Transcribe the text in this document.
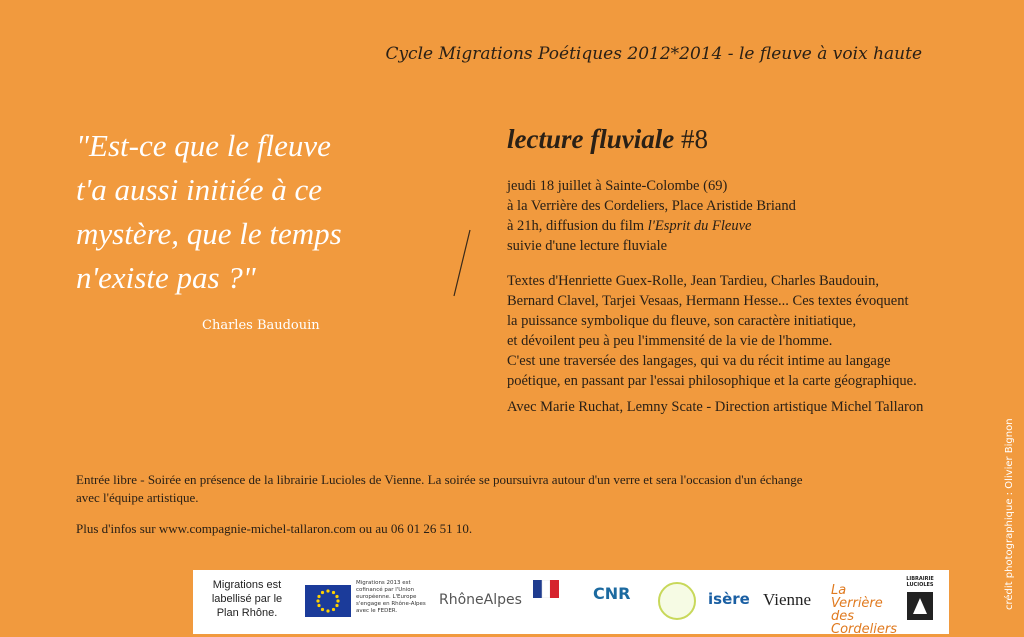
Cycle Migrations Poétiques 2012*2014 - le fleuve à voix haute
"Est-ce que le fleuve
t'a aussi initiée à ce
mystère, que le temps
n'existe pas ?"
Charles Baudouin
lecture fluviale #8
jeudi 18 juillet à Sainte-Colombe (69)
à la Verrière des Cordeliers, Place Aristide Briand
à 21h, diffusion du film l'Esprit du Fleuve
suivie d'une lecture fluviale
Textes d'Henriette Guex-Rolle, Jean Tardieu, Charles Baudouin,
Bernard Clavel, Tarjei Vesaas, Hermann Hesse... Ces textes évoquent
la puissance symbolique du fleuve, son caractère initiatique,
et dévoilent peu à peu l'immensité de la vie de l'homme.
C'est une traversée des langages, qui va du récit intime au langage
poétique, en passant par l'essai philosophique et la carte géographique.
Avec Marie Ruchat, Lemny Scate - Direction artistique Michel Tallaron
Entrée libre - Soirée en présence de la librairie Lucioles de Vienne. La soirée se poursuivra autour d'un verre et sera l'occasion d'un échange
avec l'équipe artistique.
Plus d'infos sur www.compagnie-michel-tallaron.com ou au 06 01 26 51 10.	crédit photographique : Olivier Bignon
Migrations est labellisé par le Plan Rhône.
Migrations 2013 est cofinancé par l'Union européenne. L'Europe s'engage en Rhône-Alpes avec le FEDER.
RhôneAlpes	CNR	isère Vienne La Verrière des Cordeliers
LIBRAIRIE LUCIOLES
